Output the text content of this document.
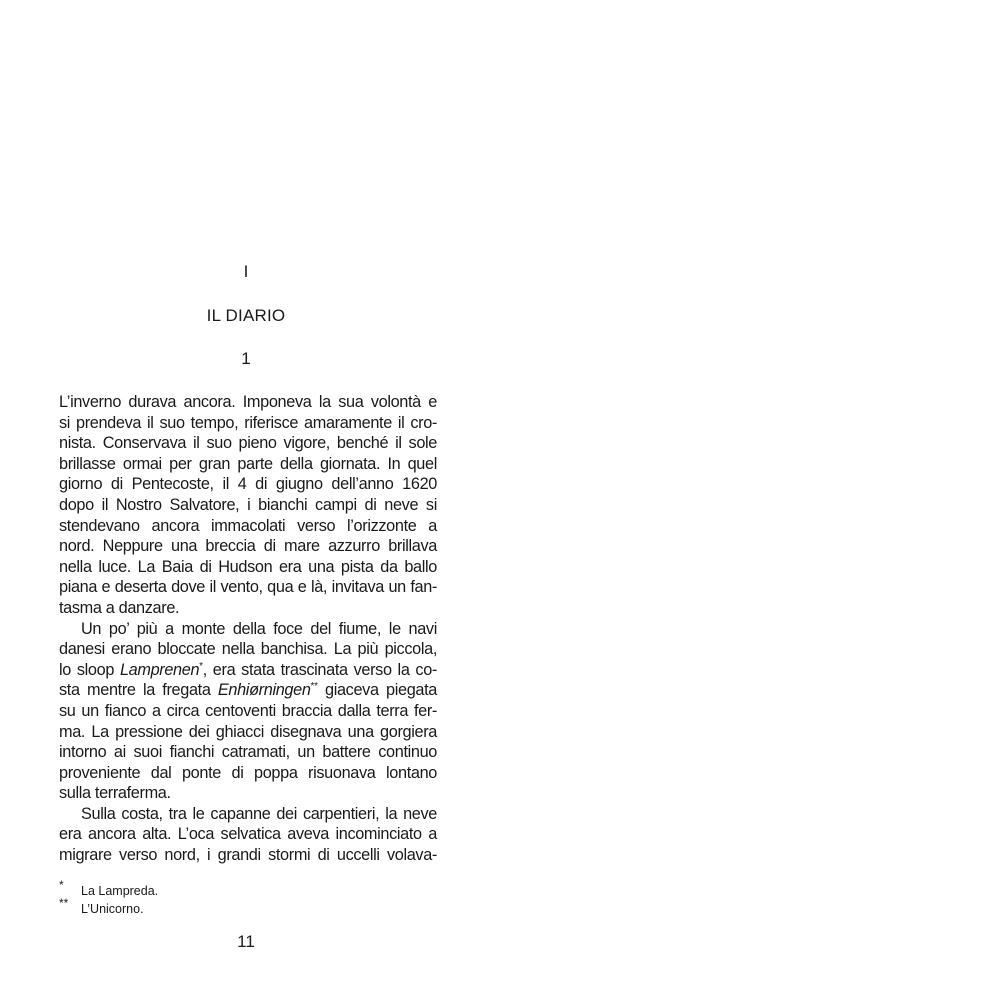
I
IL DIARIO
1
L’inverno durava ancora. Imponeva la sua volontà e
si prendeva il suo tempo, riferisce amaramente il cro-
nista. Conservava il suo pieno vigore, benché il sole
brillasse ormai per gran parte della giornata. In quel
giorno di Pentecoste, il 4 di giugno dell’anno 1620
dopo il Nostro Salvatore, i bianchi campi di neve si
stendevano ancora immacolati verso l’orizzonte a
nord. Neppure una breccia di mare azzurro brillava
nella luce. La Baia di Hudson era una pista da ballo
piana e deserta dove il vento, qua e là, invitava un fan-
tasma a danzare.
Un po’ più a monte della foce del fiume, le navi
danesi erano bloccate nella banchisa. La più piccola,
lo sloop Lamprenen*, era stata trascinata verso la co-
sta mentre la fregata Enhiørningen** giaceva piegata
su un fianco a circa centoventi braccia dalla terra fer-
ma. La pressione dei ghiacci disegnava una gorgiera
intorno ai suoi fianchi catramati, un battere continuo
proveniente dal ponte di poppa risuonava lontano
sulla terraferma.
Sulla costa, tra le capanne dei carpentieri, la neve
era ancora alta. L’oca selvatica aveva incominciato a
migrare verso nord, i grandi stormi di uccelli volava-
* La Lampreda.
** L’Unicorno.
11
